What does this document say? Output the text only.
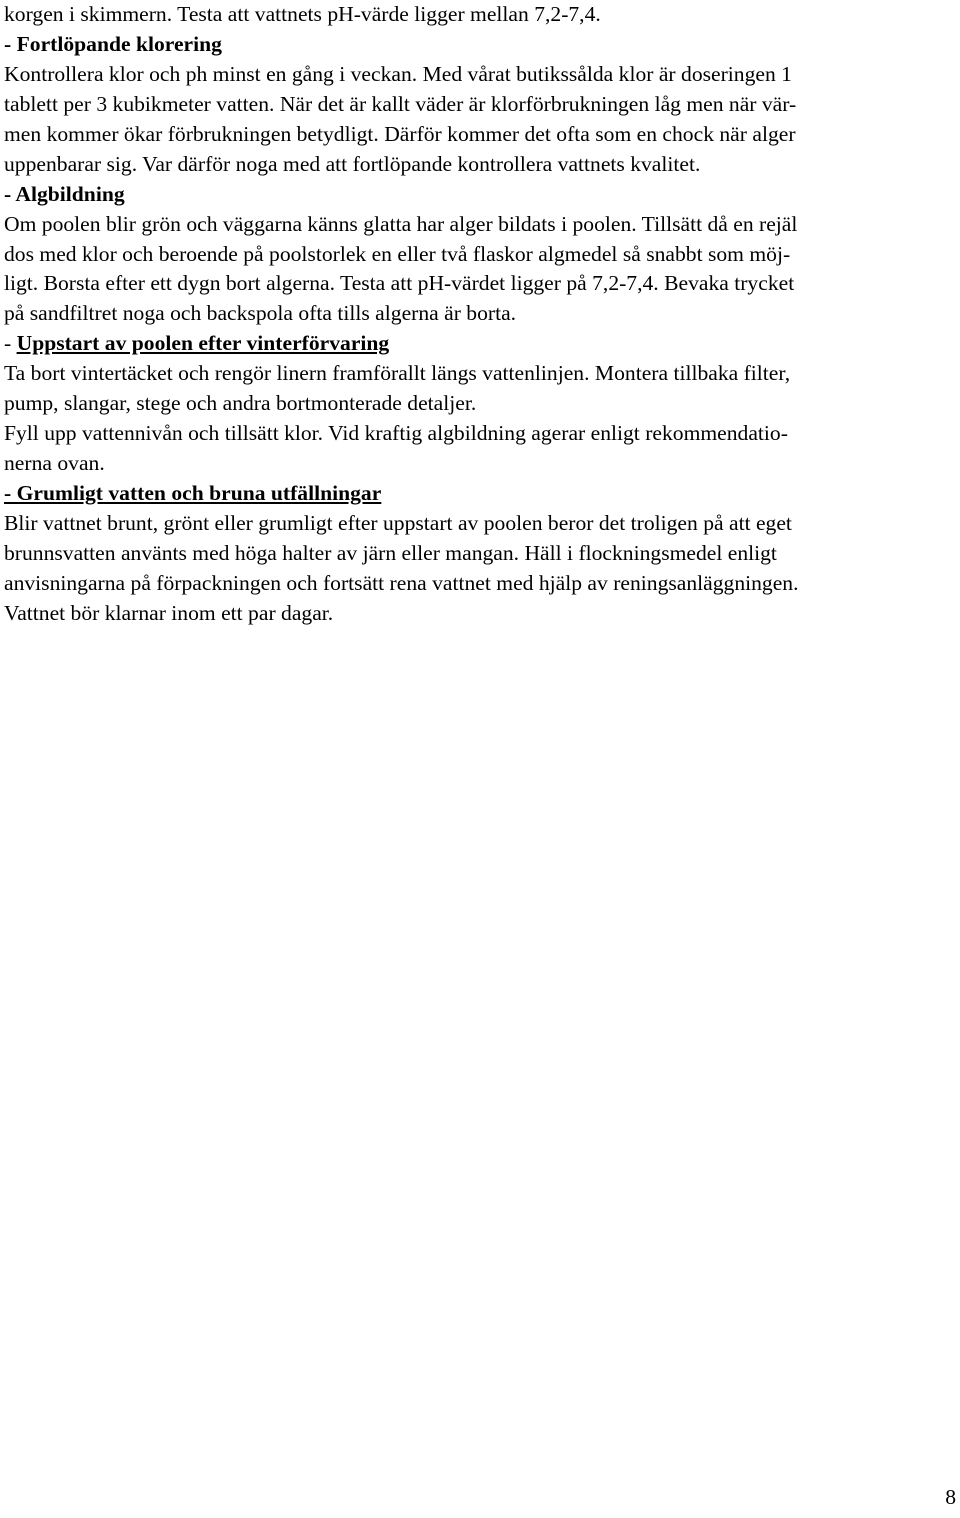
korgen i skimmern. Testa att vattnets pH-värde ligger mellan 7,2-7,4.
- Fortlöpande klorering
Kontrollera klor och ph minst en gång i veckan. Med vårat butikssålda klor är doseringen 1
tablett per 3 kubikmeter vatten. När det är kallt väder är klorförbrukningen låg men när vär-
men kommer ökar förbrukningen betydligt. Därför kommer det ofta som en chock när alger
uppenbarar sig. Var därför noga med att fortlöpande kontrollera vattnets kvalitet.
- Algbildning
Om poolen blir grön och väggarna känns glatta har alger bildats i poolen. Tillsätt då en rejäl
dos med klor och beroende på poolstorlek en eller två flaskor algmedel så snabbt som möj-
ligt. Borsta efter ett dygn bort algerna. Testa att pH-värdet ligger på 7,2-7,4. Bevaka trycket
på sandfiltret noga och backspola ofta tills algerna är borta.
- Uppstart av poolen efter vinterförvaring
Ta bort vintertäcket och rengör linern framförallt längs vattenlinjen. Montera tillbaka filter,
pump, slangar, stege och andra bortmonterade detaljer.
Fyll upp vattennivån och tillsätt klor. Vid kraftig algbildning agerar enligt rekommendatio-
nerna ovan.
- Grumligt vatten och bruna utfällningar
Blir vattnet brunt, grönt eller grumligt efter uppstart av poolen beror det troligen på att eget
brunnsvatten använts med höga halter av järn eller mangan. Häll i flockningsmedel enligt
anvisningarna på förpackningen och fortsätt rena vattnet med hjälp av reningsanläggningen.
Vattnet bör klarnar inom ett par dagar.
8
